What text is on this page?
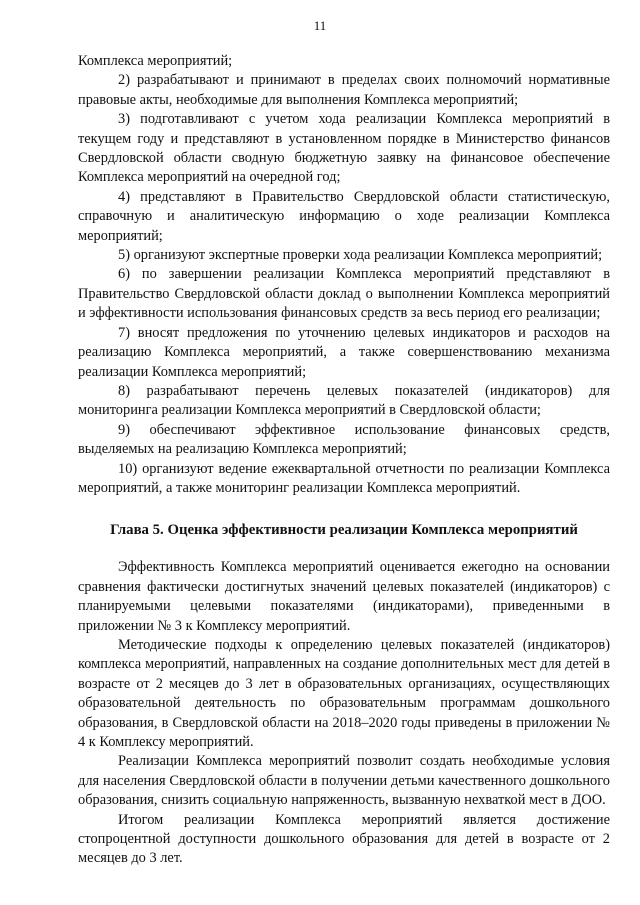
11

Комплекса мероприятий;

2) разрабатывают и принимают в пределах своих полномочий нормативные правовые акты, необходимые для выполнения Комплекса мероприятий;

3) подготавливают с учетом хода реализации Комплекса мероприятий в текущем году и представляют в установленном порядке в Министерство финансов Свердловской области сводную бюджетную заявку на финансовое обеспечение Комплекса мероприятий на очередной год;

4) представляют в Правительство Свердловской области статистическую, справочную и аналитическую информацию о ходе реализации Комплекса мероприятий;

5) организуют экспертные проверки хода реализации Комплекса мероприятий;

6) по завершении реализации Комплекса мероприятий представляют в Правительство Свердловской области доклад о выполнении Комплекса мероприятий и эффективности использования финансовых средств за весь период его реализации;

7) вносят предложения по уточнению целевых индикаторов и расходов на реализацию Комплекса мероприятий, а также совершенствованию механизма реализации Комплекса мероприятий;

8) разрабатывают перечень целевых показателей (индикаторов) для мониторинга реализации Комплекса мероприятий в Свердловской области;

9) обеспечивают эффективное использование финансовых средств, выделяемых на реализацию Комплекса мероприятий;

10) организуют ведение ежеквартальной отчетности по реализации Комплекса мероприятий, а также мониторинг реализации Комплекса мероприятий.

Глава 5. Оценка эффективности реализации Комплекса мероприятий

Эффективность Комплекса мероприятий оценивается ежегодно на основании сравнения фактически достигнутых значений целевых показателей (индикаторов) с планируемыми целевыми показателями (индикаторами), приведенными в приложении № 3 к Комплексу мероприятий.

Методические подходы к определению целевых показателей (индикаторов) комплекса мероприятий, направленных на создание дополнительных мест для детей в возрасте от 2 месяцев до 3 лет в образовательных организациях, осуществляющих образовательной деятельность по образовательным программам дошкольного образования, в Свердловской области на 2018–2020 годы приведены в приложении № 4 к Комплексу мероприятий.

Реализации Комплекса мероприятий позволит создать необходимые условия для населения Свердловской области в получении детьми качественного дошкольного образования, снизить социальную напряженность, вызванную нехваткой мест в ДОО.

Итогом реализации Комплекса мероприятий является достижение стопроцентной доступности дошкольного образования для детей в возрасте от 2 месяцев до 3 лет.
